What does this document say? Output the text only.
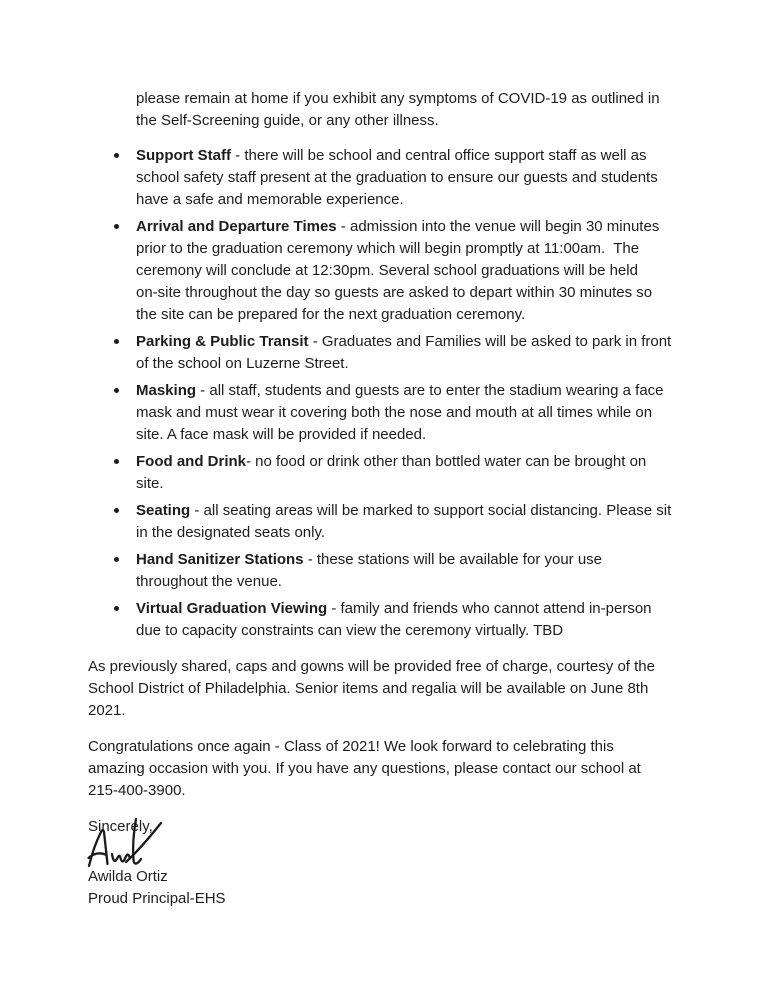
please remain at home if you exhibit any symptoms of COVID-19 as outlined in
the Self-Screening guide, or any other illness.
Support Staff - there will be school and central office support staff as well as
school safety staff present at the graduation to ensure our guests and students
have a safe and memorable experience.
Arrival and Departure Times - admission into the venue will begin 30 minutes
prior to the graduation ceremony which will begin promptly at 11:00am.  The
ceremony will conclude at 12:30pm. Several school graduations will be held
on-site throughout the day so guests are asked to depart within 30 minutes so
the site can be prepared for the next graduation ceremony.
Parking & Public Transit - Graduates and Families will be asked to park in front
of the school on Luzerne Street.
Masking - all staff, students and guests are to enter the stadium wearing a face
mask and must wear it covering both the nose and mouth at all times while on
site. A face mask will be provided if needed.
Food and Drink- no food or drink other than bottled water can be brought on
site.
Seating - all seating areas will be marked to support social distancing. Please sit
in the designated seats only.
Hand Sanitizer Stations - these stations will be available for your use
throughout the venue.
Virtual Graduation Viewing - family and friends who cannot attend in-person
due to capacity constraints can view the ceremony virtually. TBD
As previously shared, caps and gowns will be provided free of charge, courtesy of the
School District of Philadelphia. Senior items and regalia will be available on June 8th
2021.
Congratulations once again - Class of 2021! We look forward to celebrating this
amazing occasion with you. If you have any questions, please contact our school at
215-400-3900.
Sincerely,
Awilda Ortiz
Proud Principal-EHS
